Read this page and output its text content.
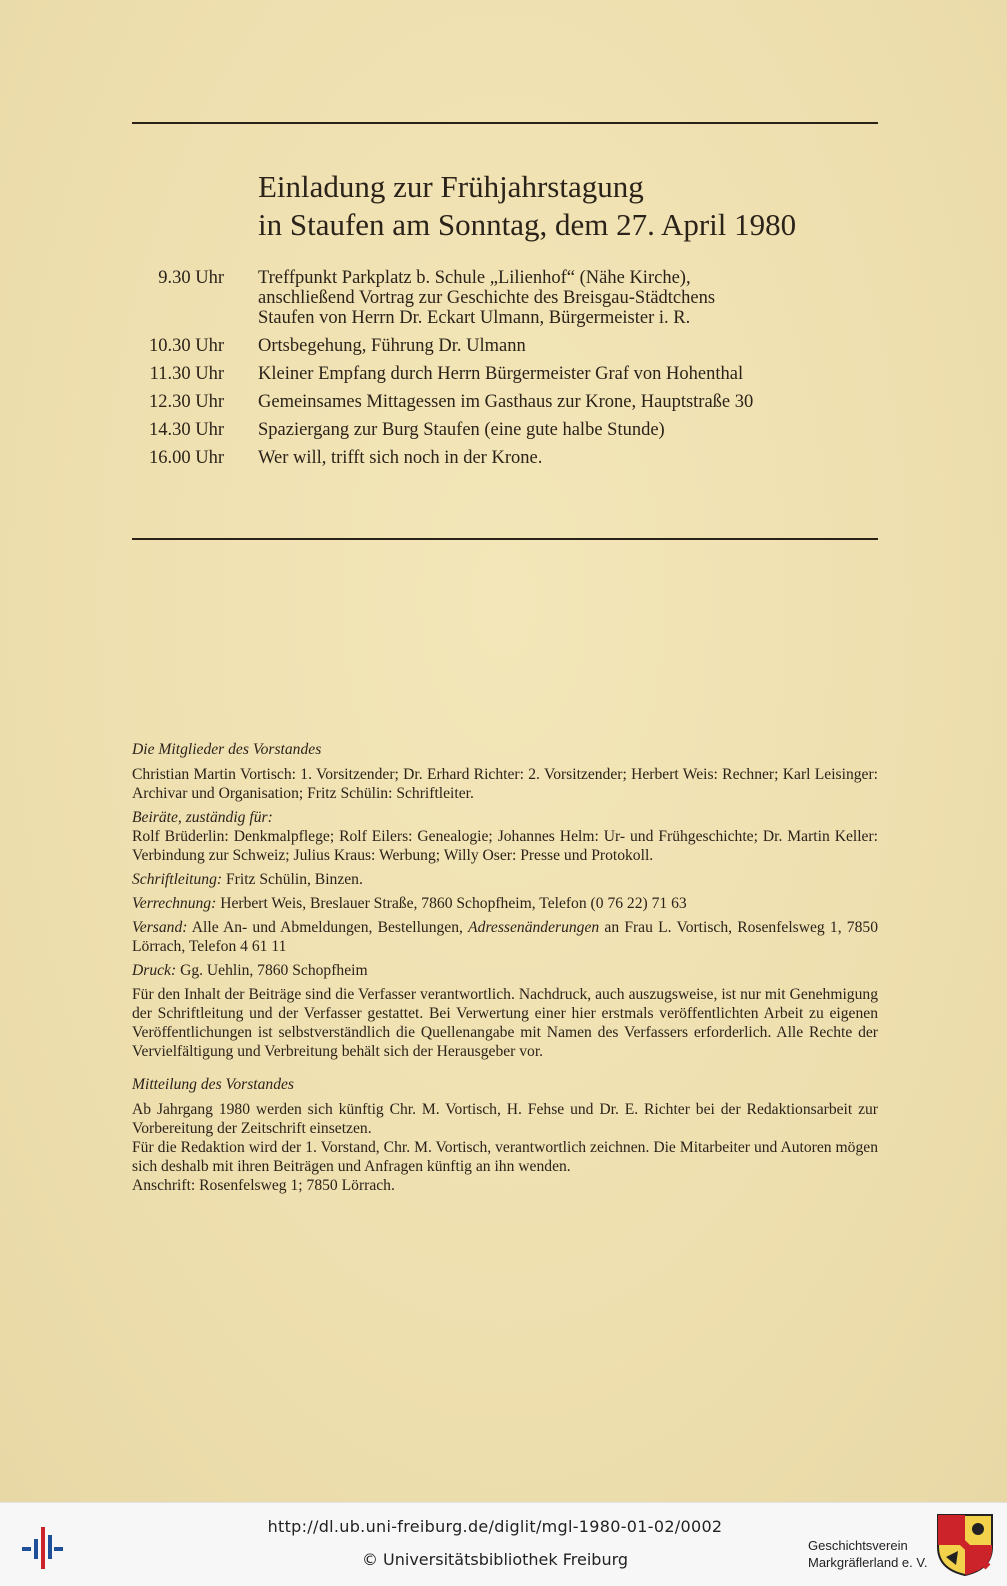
Einladung zur Frühjahrstagung
in Staufen am Sonntag, dem 27. April 1980
9.30 Uhr Treffpunkt Parkplatz b. Schule „Lilienhof“ (Nähe Kirche),
anschließend Vortrag zur Geschichte des Breisgau-Städtchens
Staufen von Herrn Dr. Eckart Ulmann, Bürgermeister i. R.
10.30 Uhr Ortsbegehung, Führung Dr. Ulmann
11.30 Uhr Kleiner Empfang durch Herrn Bürgermeister Graf von Hohenthal
12.30 Uhr Gemeinsames Mittagessen im Gasthaus zur Krone, Hauptstraße 30
14.30 Uhr Spaziergang zur Burg Staufen (eine gute halbe Stunde)
16.00 Uhr Wer will, trifft sich noch in der Krone.
Die Mitglieder des Vorstandes
Christian Martin Vortisch: 1. Vorsitzender; Dr. Erhard Richter: 2. Vorsitzender; Herbert Weis: Rechner; Karl Leisinger: Archivar und Organisation; Fritz Schülin: Schriftleiter.
Beiräte, zuständig für:
Rolf Brüderlin: Denkmalpflege; Rolf Eilers: Genealogie; Johannes Helm: Ur- und Frühgeschichte; Dr. Martin Keller: Verbindung zur Schweiz; Julius Kraus: Werbung; Willy Oser: Presse und Protokoll.
Schriftleitung: Fritz Schülin, Binzen.
Verrechnung: Herbert Weis, Breslauer Straße, 7860 Schopfheim, Telefon (0 76 22) 71 63
Versand: Alle An- und Abmeldungen, Bestellungen, Adressenänderungen an Frau L. Vortisch, Rosenfelsweg 1, 7850 Lörrach, Telefon 4 61 11
Druck: Gg. Uehlin, 7860 Schopfheim
Für den Inhalt der Beiträge sind die Verfasser verantwortlich. Nachdruck, auch auszugsweise, ist nur mit Genehmigung der Schriftleitung und der Verfasser gestattet. Bei Verwertung einer hier erstmals veröffentlichten Arbeit zu eigenen Veröffentlichungen ist selbstverständlich die Quellenangabe mit Namen des Verfassers erforderlich. Alle Rechte der Vervielfältigung und Verbreitung behält sich der Herausgeber vor.
Mitteilung des Vorstandes
Ab Jahrgang 1980 werden sich künftig Chr. M. Vortisch, H. Fehse und Dr. E. Richter bei der Redaktionsarbeit zur Vorbereitung der Zeitschrift einsetzen.
Für die Redaktion wird der 1. Vorstand, Chr. M. Vortisch, verantwortlich zeichnen. Die Mitarbeiter und Autoren mögen sich deshalb mit ihren Beiträgen und Anfragen künftig an ihn wenden.
Anschrift: Rosenfelsweg 1; 7850 Lörrach.
http://dl.ub.uni-freiburg.de/diglit/mgl-1980-01-02/0002
© Universitätsbibliothek Freiburg
Geschichtsverein
Markgräflerland e. V.
